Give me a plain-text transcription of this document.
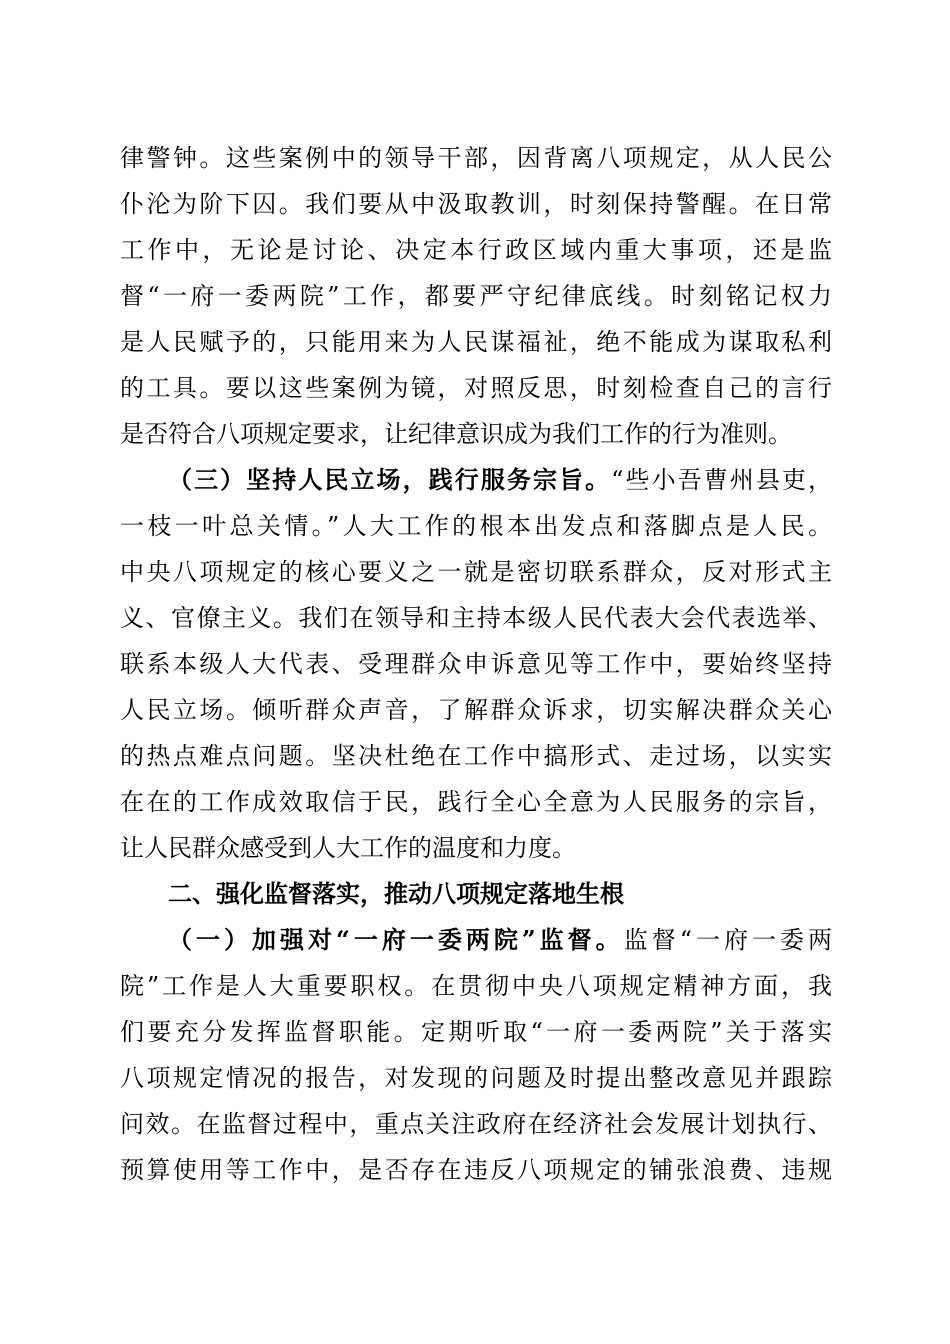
律警钟。这些案例中的领导干部，因背离八项规定，从人民公
仆沦为阶下囚。我们要从中汲取教训，时刻保持警醒。在日常
工作中，无论是讨论、决定本行政区域内重大事项，还是监
督“一府一委两院”工作，都要严守纪律底线。时刻铭记权力
是人民赋予的，只能用来为人民谋福祉，绝不能成为谋取私利
的工具。要以这些案例为镜，对照反思，时刻检查自己的言行
是否符合八项规定要求，让纪律意识成为我们工作的行为准则。
（三）坚持人民立场，践行服务宗旨。“些小吾曹州县吏，
一枝一叶总关情。”人大工作的根本出发点和落脚点是人民。
中央八项规定的核心要义之一就是密切联系群众，反对形式主
义、官僚主义。我们在领导和主持本级人民代表大会代表选举、
联系本级人大代表、受理群众申诉意见等工作中，要始终坚持
人民立场。倾听群众声音，了解群众诉求，切实解决群众关心
的热点难点问题。坚决杜绝在工作中搞形式、走过场，以实实
在在的工作成效取信于民，践行全心全意为人民服务的宗旨，
让人民群众感受到人大工作的温度和力度。
二、强化监督落实，推动八项规定落地生根
（一）加强对“一府一委两院”监督。监督“一府一委两
院”工作是人大重要职权。在贯彻中央八项规定精神方面，我
们要充分发挥监督职能。定期听取“一府一委两院”关于落实
八项规定情况的报告，对发现的问题及时提出整改意见并跟踪
问效。在监督过程中，重点关注政府在经济社会发展计划执行、
预算使用等工作中，是否存在违反八项规定的铺张浪费、违规
